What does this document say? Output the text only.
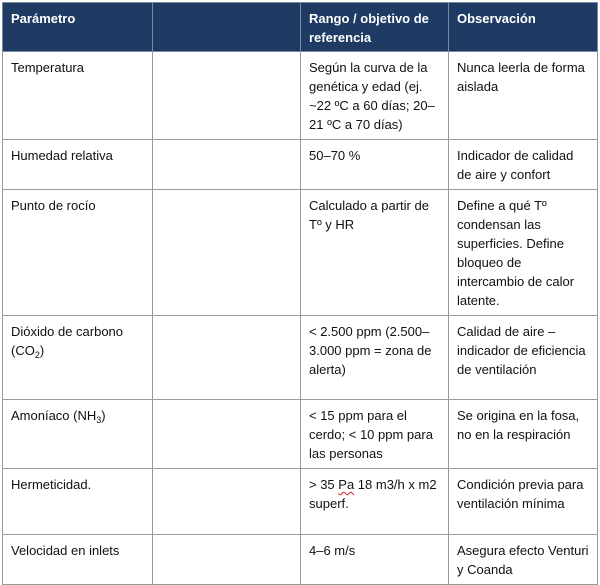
Parámetro		Rango / objetivo de referencia	Observación
Temperatura		Según la curva de la genética y edad (ej. ~22 ºC a 60 días; 20–21 ºC a 70 días)	Nunca leerla de forma aislada
Humedad relativa		50–70 %	Indicador de calidad de aire y confort
Punto de rocío		Calculado a partir de Tº y HR	Define a qué Tº condensan las superficies. Define bloqueo de intercambio de calor latente.
Dióxido de carbono $(CO_2)$		< 2.500 ppm (2.500–3.000 ppm = zona de alerta)	Calidad de aire – indicador de eficiencia de ventilación
Amoníaco $(NH_3)$		< 15 ppm para el cerdo; < 10 ppm para las personas	Se origina en la fosa, no en la respiración
Hermeticidad.		> 35 Pa 18 m3/h x m2 superf.	Condición previa para ventilación mínima
Velocidad en inlets		4–6 m/s	Asegura efecto Venturi y Coanda
